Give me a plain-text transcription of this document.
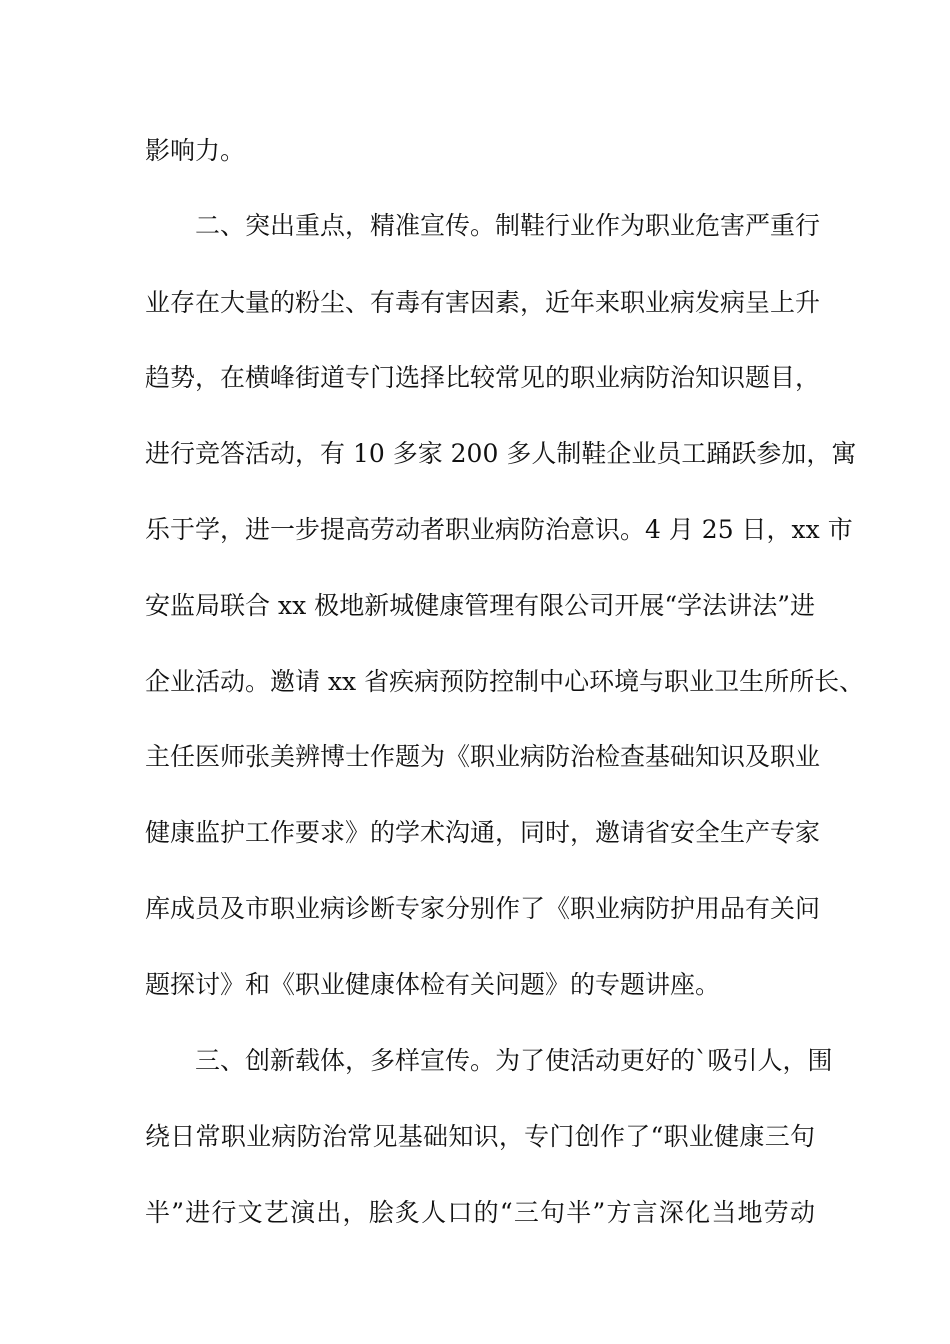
影响力。
二、突出重点，精准宣传。制鞋行业作为职业危害严重行
业存在大量的粉尘、有毒有害因素，近年来职业病发病呈上升
趋势，在横峰街道专门选择比较常见的职业病防治知识题目，
进行竞答活动，有 10 多家 200 多人制鞋企业员工踊跃参加，寓
乐于学，进一步提高劳动者职业病防治意识。4 月 25 日，xx 市
安监局联合 xx 极地新城健康管理有限公司开展“学法讲法”进
企业活动。邀请 xx 省疾病预防控制中心环境与职业卫生所所长、
主任医师张美辨博士作题为《职业病防治检查基础知识及职业
健康监护工作要求》的学术沟通，同时，邀请省安全生产专家
库成员及市职业病诊断专家分别作了《职业病防护用品有关问
题探讨》和《职业健康体检有关问题》的专题讲座。
三、创新载体，多样宣传。为了使活动更好的`吸引人，围
绕日常职业病防治常见基础知识，专门创作了“职业健康三句
半”进行文艺演出，脍炙人口的“三句半”方言深化当地劳动
